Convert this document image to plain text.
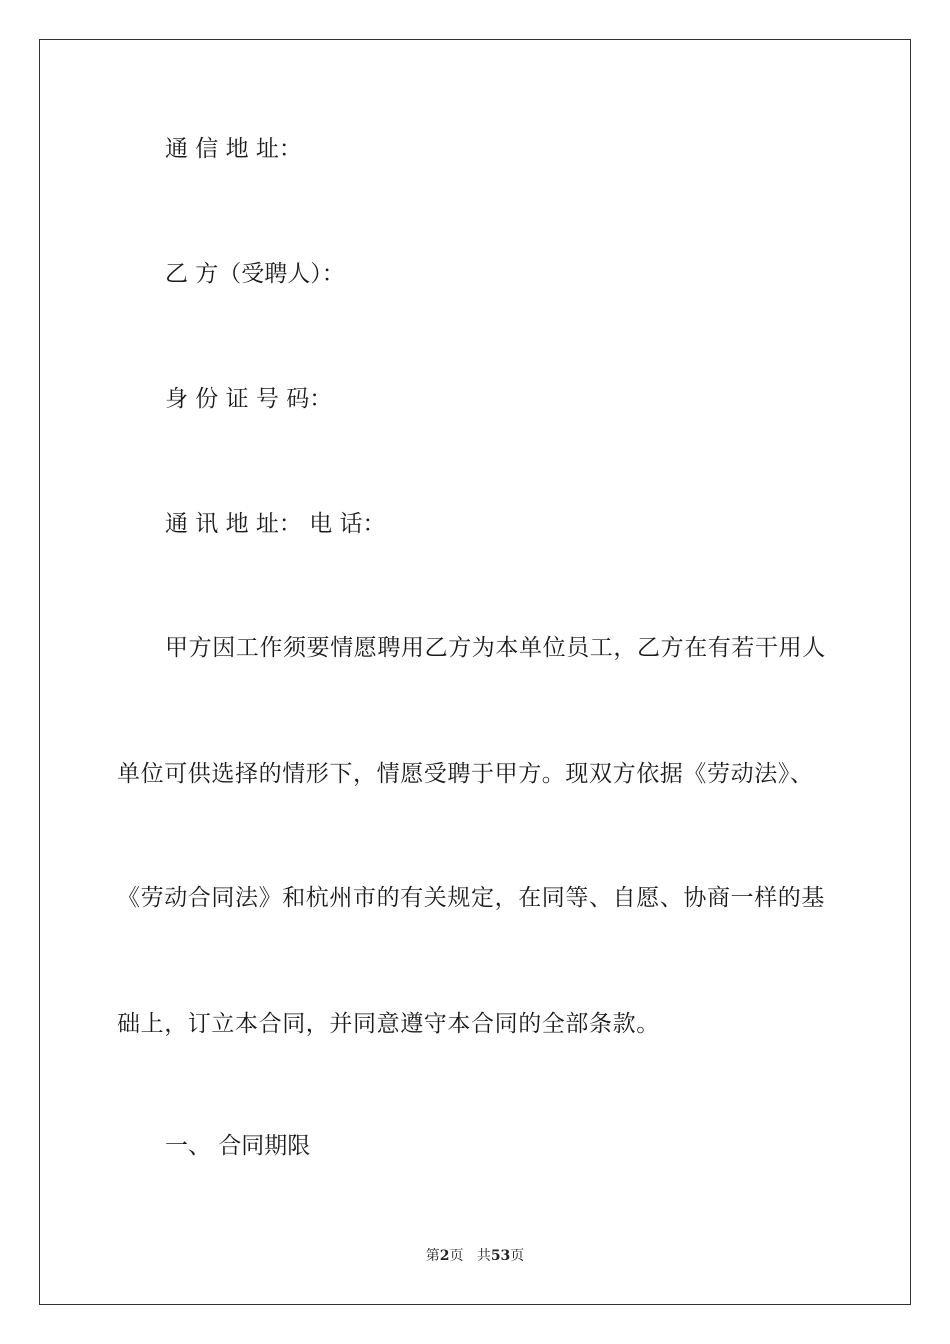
通 信 地 址：
乙 方（受聘人）：
身 份 证 号 码：
通 讯 地 址： 电 话：
甲方因工作须要情愿聘用乙方为本单位员工，乙方在有若干用人
单位可供选择的情形下，情愿受聘于甲方。现双方依据《劳动法》、
《劳动合同法》和杭州市的有关规定，在同等、自愿、协商一样的基
础上，订立本合同，并同意遵守本合同的全部条款。
一、 合同期限
第2页 共53页
